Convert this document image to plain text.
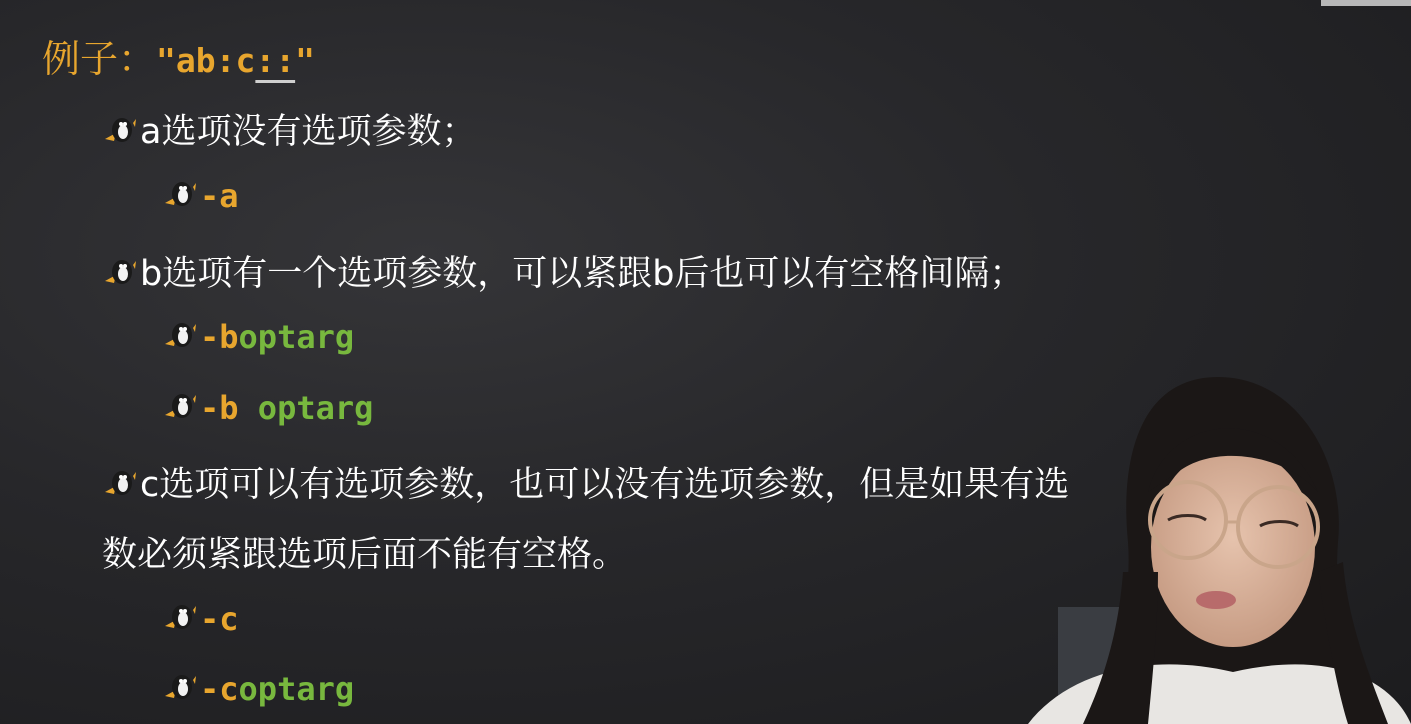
例子："ab:c::"
a选项没有选项参数；
-a
b选项有一个选项参数，可以紧跟b后也可以有空格间隔；
-boptarg
-b optarg
c选项可以有选项参数，也可以没有选项参数，但是如果有选
数必须紧跟选项后面不能有空格。
-c
-coptarg
